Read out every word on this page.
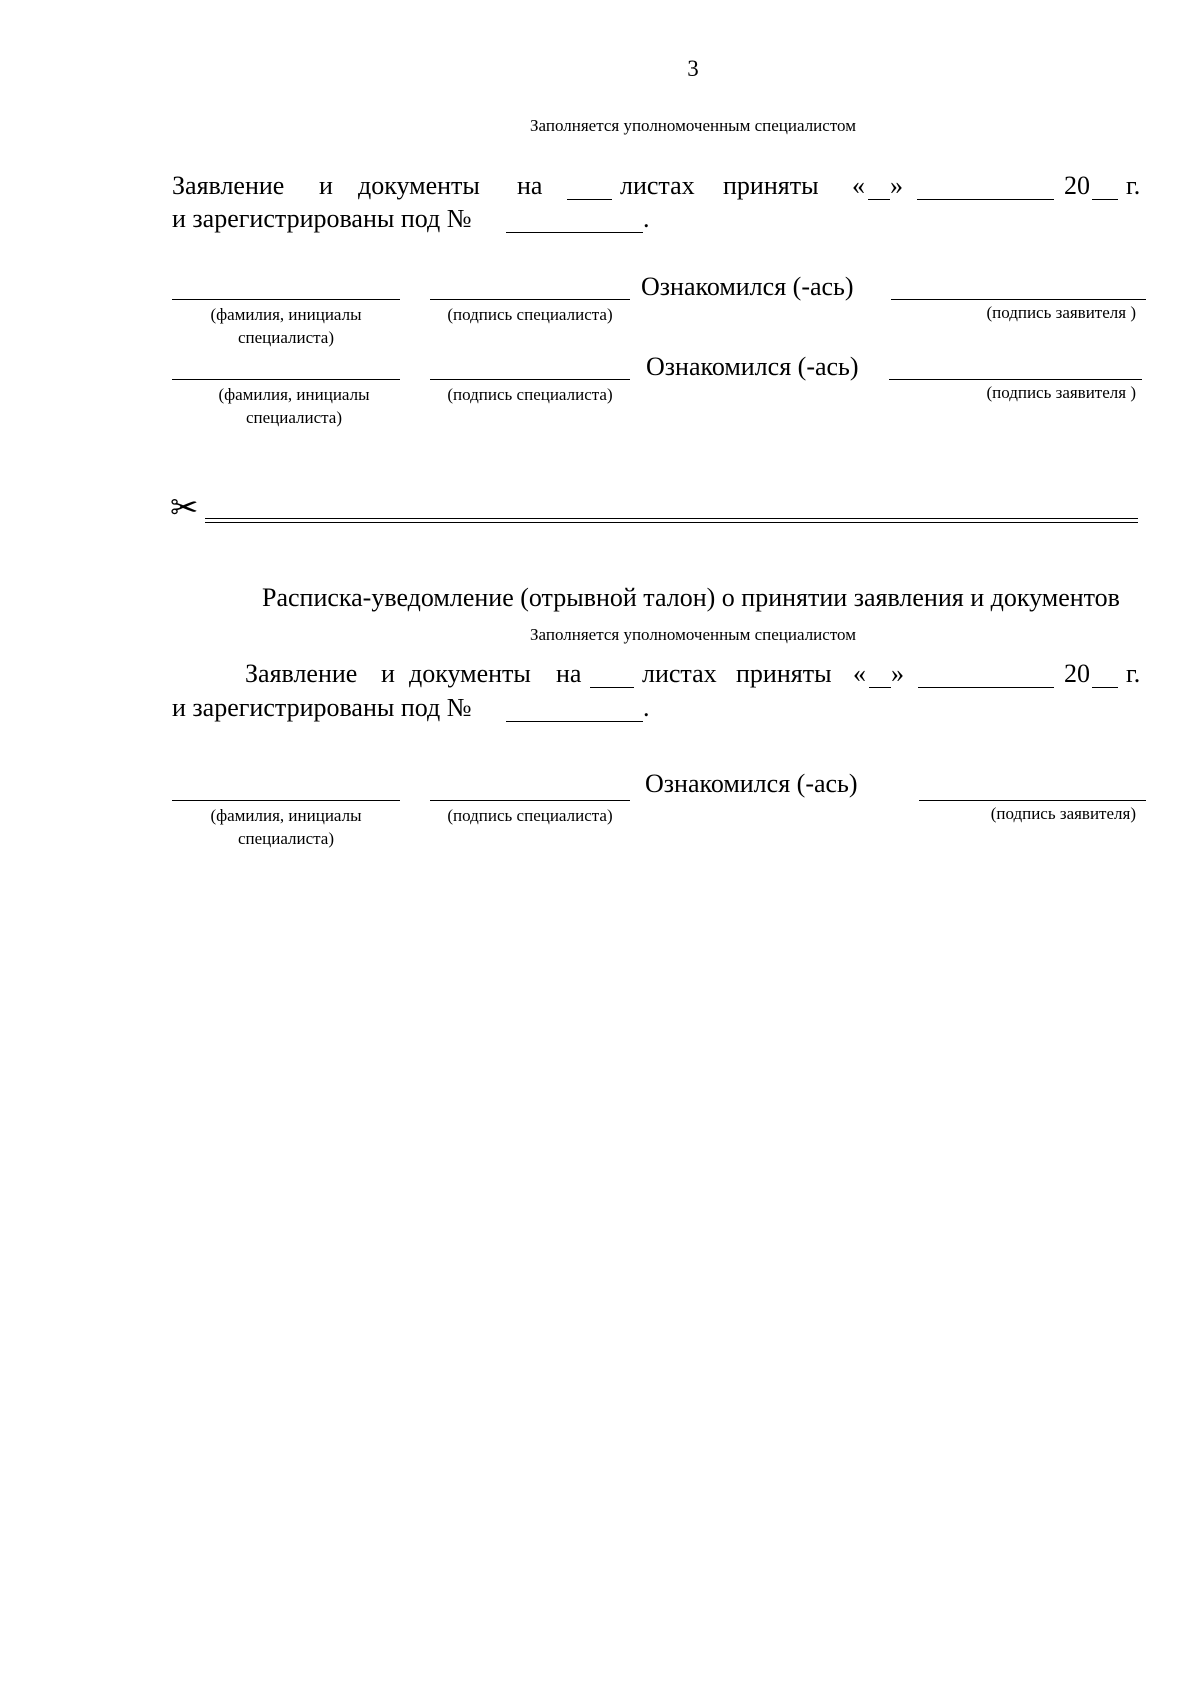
3
Заполняется уполномоченным специалистом
Заявление и документы на	листах приняты « »	20 г.
и зарегистрированы под №	.
Ознакомился (-ась)
(фамилия, инициалы специалиста)
(подпись специалиста)	(подпись заявителя )
Ознакомился (-ась)
(фамилия, инициалы специалиста)
(подпись специалиста)	(подпись заявителя )
✂
Расписка-уведомление (отрывной талон) о принятии заявления и документов
Заполняется уполномоченным специалистом
Заявление и документы на листах приняты « »	20 г.
и зарегистрированы под №	.
Ознакомился (-ась)
(фамилия, инициалы специалиста)
(подпись специалиста)	(подпись заявителя)
